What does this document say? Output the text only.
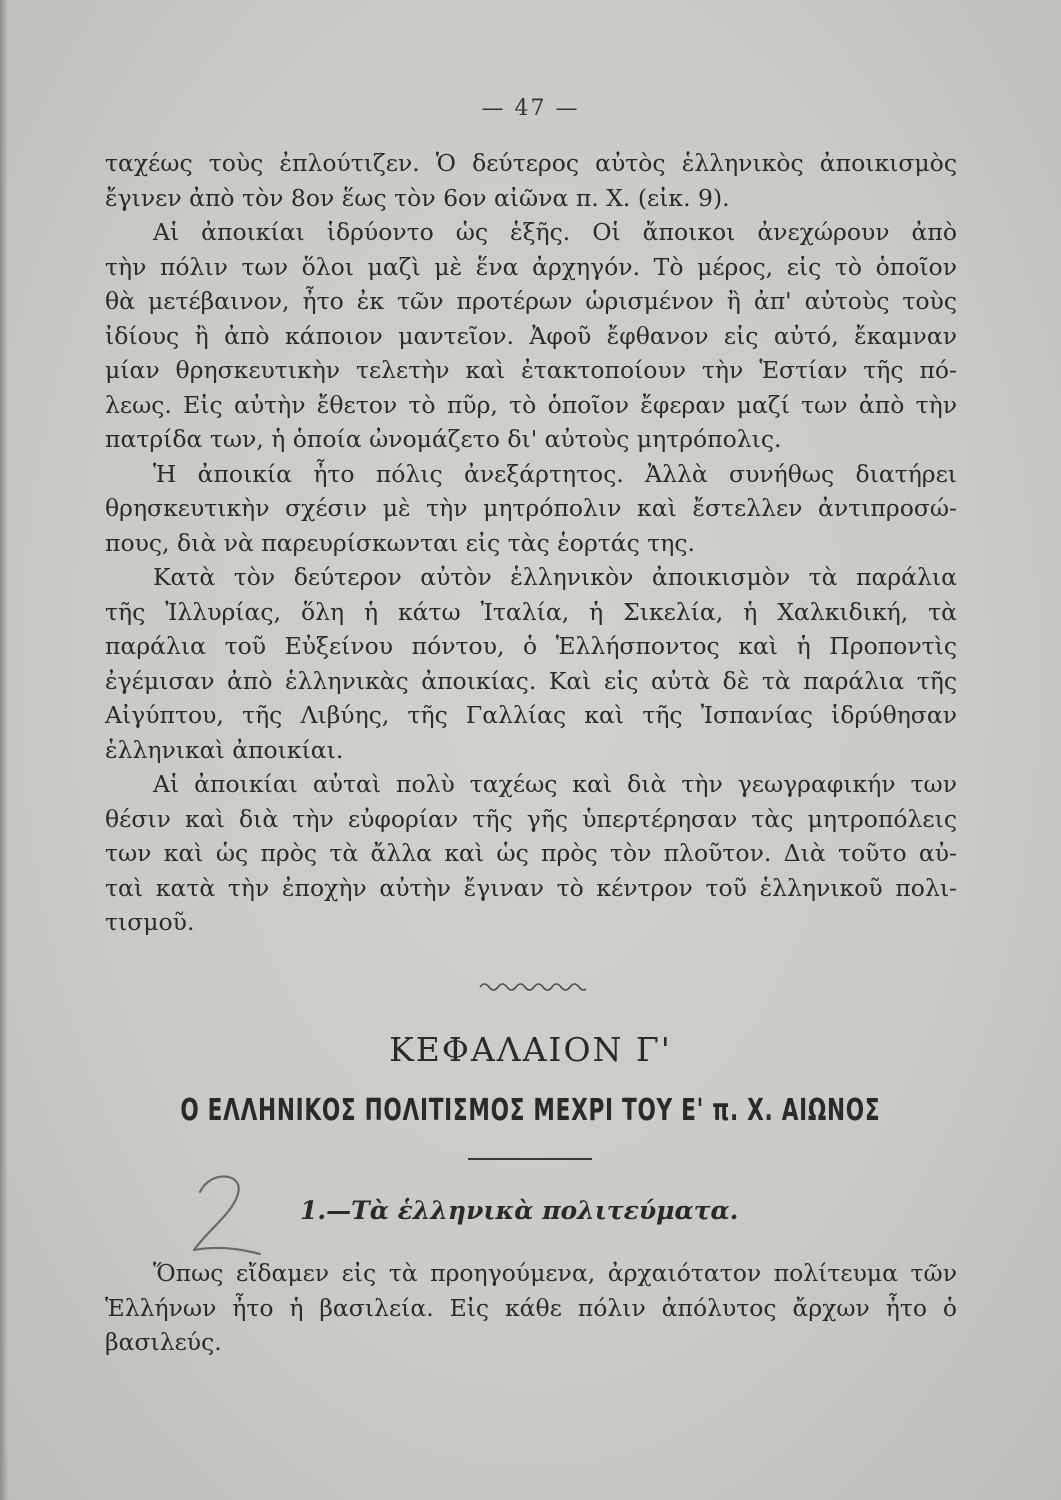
— 47 —

ταχέως τοὺς ἐπλούτιζεν. Ὁ δεύτερος αὐτὸς ἑλληνικὸς ἀποικισμὸς

ἔγινεν ἀπὸ τὸν 8ον ἕως τὸν 6ον αἰῶνα π. Χ. (εἰκ. 9).

Αἱ ἀποικίαι ἱδρύοντο ὡς ἑξῆς. Οἱ ἄποικοι ἀνεχώρουν ἀπὸ

τὴν πόλιν των ὅλοι μαζὶ μὲ ἕνα ἀρχηγόν. Τὸ μέρος, εἰς τὸ ὁποῖον

θὰ μετέβαινον, ἦτο ἐκ τῶν προτέρων ὡρισμένον ἢ ἀπ' αὐτοὺς τοὺς

ἰδίους ἢ ἀπὸ κάποιον μαντεῖον. Ἀφοῦ ἔφθανον εἰς αὐτό, ἔκαμναν

μίαν θρησκευτικὴν τελετὴν καὶ ἐτακτοποίουν τὴν Ἑστίαν τῆς πό-

λεως. Εἰς αὐτὴν ἔθετον τὸ πῦρ, τὸ ὁποῖον ἔφεραν μαζί των ἀπὸ τὴν

πατρίδα των, ἡ ὁποία ὠνομάζετο δι' αὐτοὺς μητρόπολις.

Ἡ ἀποικία ἦτο πόλις ἀνεξάρτητος. Ἀλλὰ συνήθως διατήρει

θρησκευτικὴν σχέσιν μὲ τὴν μητρόπολιν καὶ ἔστελλεν ἀντιπροσώ-

πους, διὰ νὰ παρευρίσκωνται εἰς τὰς ἑορτάς της.

Κατὰ τὸν δεύτερον αὐτὸν ἑλληνικὸν ἀποικισμὸν τὰ παράλια

τῆς Ἰλλυρίας, ὅλη ἡ κάτω Ἰταλία, ἡ Σικελία, ἡ Χαλκιδική, τὰ

παράλια τοῦ Εὐξείνου πόντου, ὁ Ἑλλήσποντος καὶ ἡ Προποντὶς

ἐγέμισαν ἀπὸ ἑλληνικὰς ἀποικίας. Καὶ εἰς αὐτὰ δὲ τὰ παράλια τῆς

Αἰγύπτου, τῆς Λιβύης, τῆς Γαλλίας καὶ τῆς Ἰσπανίας ἱδρύθησαν

ἑλληνικαὶ ἀποικίαι.

Αἱ ἀποικίαι αὐταὶ πολὺ ταχέως καὶ διὰ τὴν γεωγραφικήν των

θέσιν καὶ διὰ τὴν εὐφορίαν τῆς γῆς ὑπερτέρησαν τὰς μητροπόλεις

των καὶ ὡς πρὸς τὰ ἄλλα καὶ ὡς πρὸς τὸν πλοῦτον. Διὰ τοῦτο αὐ-

ταὶ κατὰ τὴν ἐποχὴν αὐτὴν ἔγιναν τὸ κέντρον τοῦ ἑλληνικοῦ πολι-

τισμοῦ.

ΚΕΦΑΛΑΙΟΝ Γ'
Ο ΕΛΛΗΝΙΚΟΣ ΠΟΛΙΤΙΣΜΟΣ ΜΕΧΡΙ ΤΟΥ Ε' π. Χ. ΑΙΩΝΟΣ
1.—Τὰ ἑλληνικὰ πολιτεύματα.

Ὅπως εἴδαμεν εἰς τὰ προηγούμενα, ἀρχαιότατον πολίτευμα τῶν

Ἑλλήνων ἦτο ἡ βασιλεία. Εἰς κάθε πόλιν ἀπόλυτος ἄρχων ἦτο ὁ

βασιλεύς.
